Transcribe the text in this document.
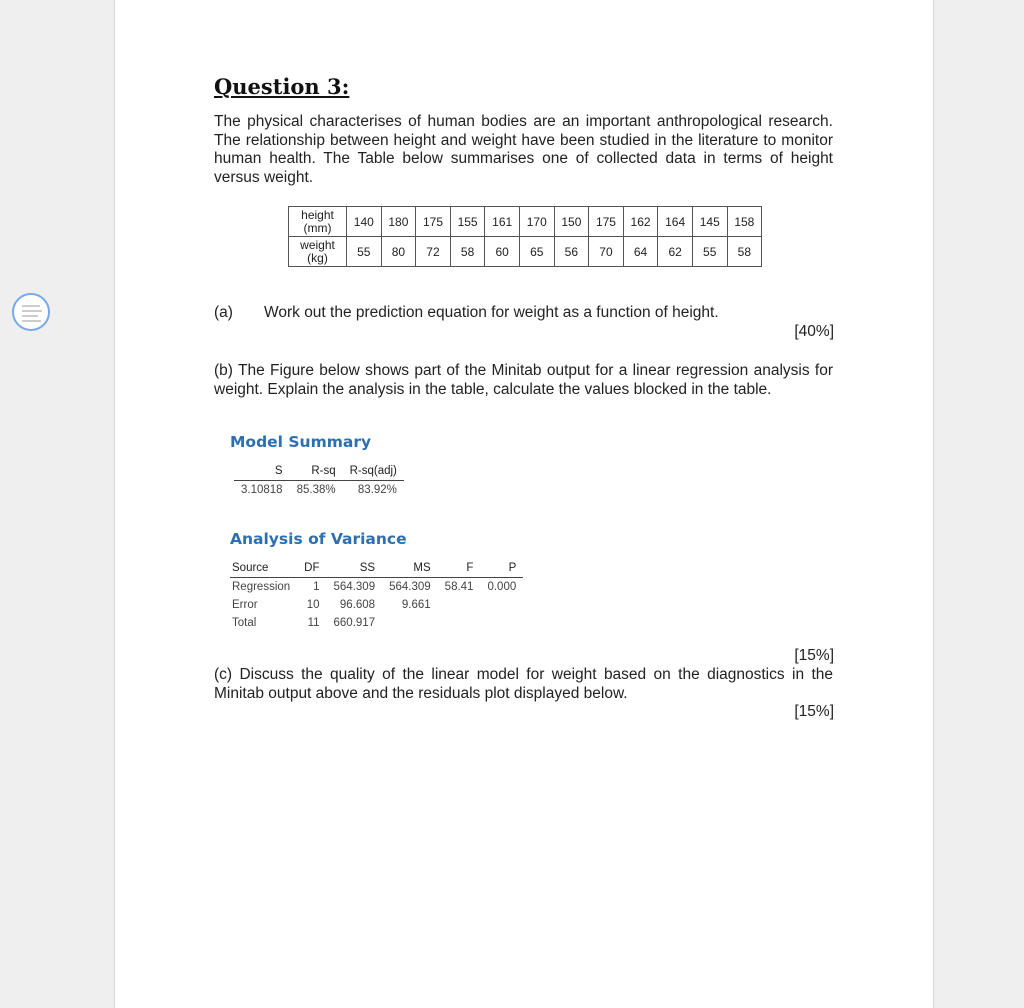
Question 3:

The physical characterises of human bodies are an important anthropological research. The relationship between height and weight have been studied in the literature to monitor human health. The Table below summarises one of collected data in terms of height versus weight.

height (mm)	140	180	175	155	161	170	150	175	162	164	145	158
weight (kg)	55	80	72	58	60	65	56	70	64	62	55	58

(a) Work out the prediction equation for weight as a function of height.

[40%]

(b) The Figure below shows part of the Minitab output for a linear regression analysis for weight. Explain the analysis in the table, calculate the values blocked in the table.

Model Summary
S	R-sq	R-sq(adj)
3.10818	85.38%	83.92%
Analysis of Variance
Source	DF	SS	MS	F	P
Regression	1	564.309	564.309	58.41	0.000
Error	10	96.608	9.661		
Total	11	660.917			

[15%]

(c) Discuss the quality of the linear model for weight based on the diagnostics in the Minitab output above and the residuals plot displayed below.

[15%]
